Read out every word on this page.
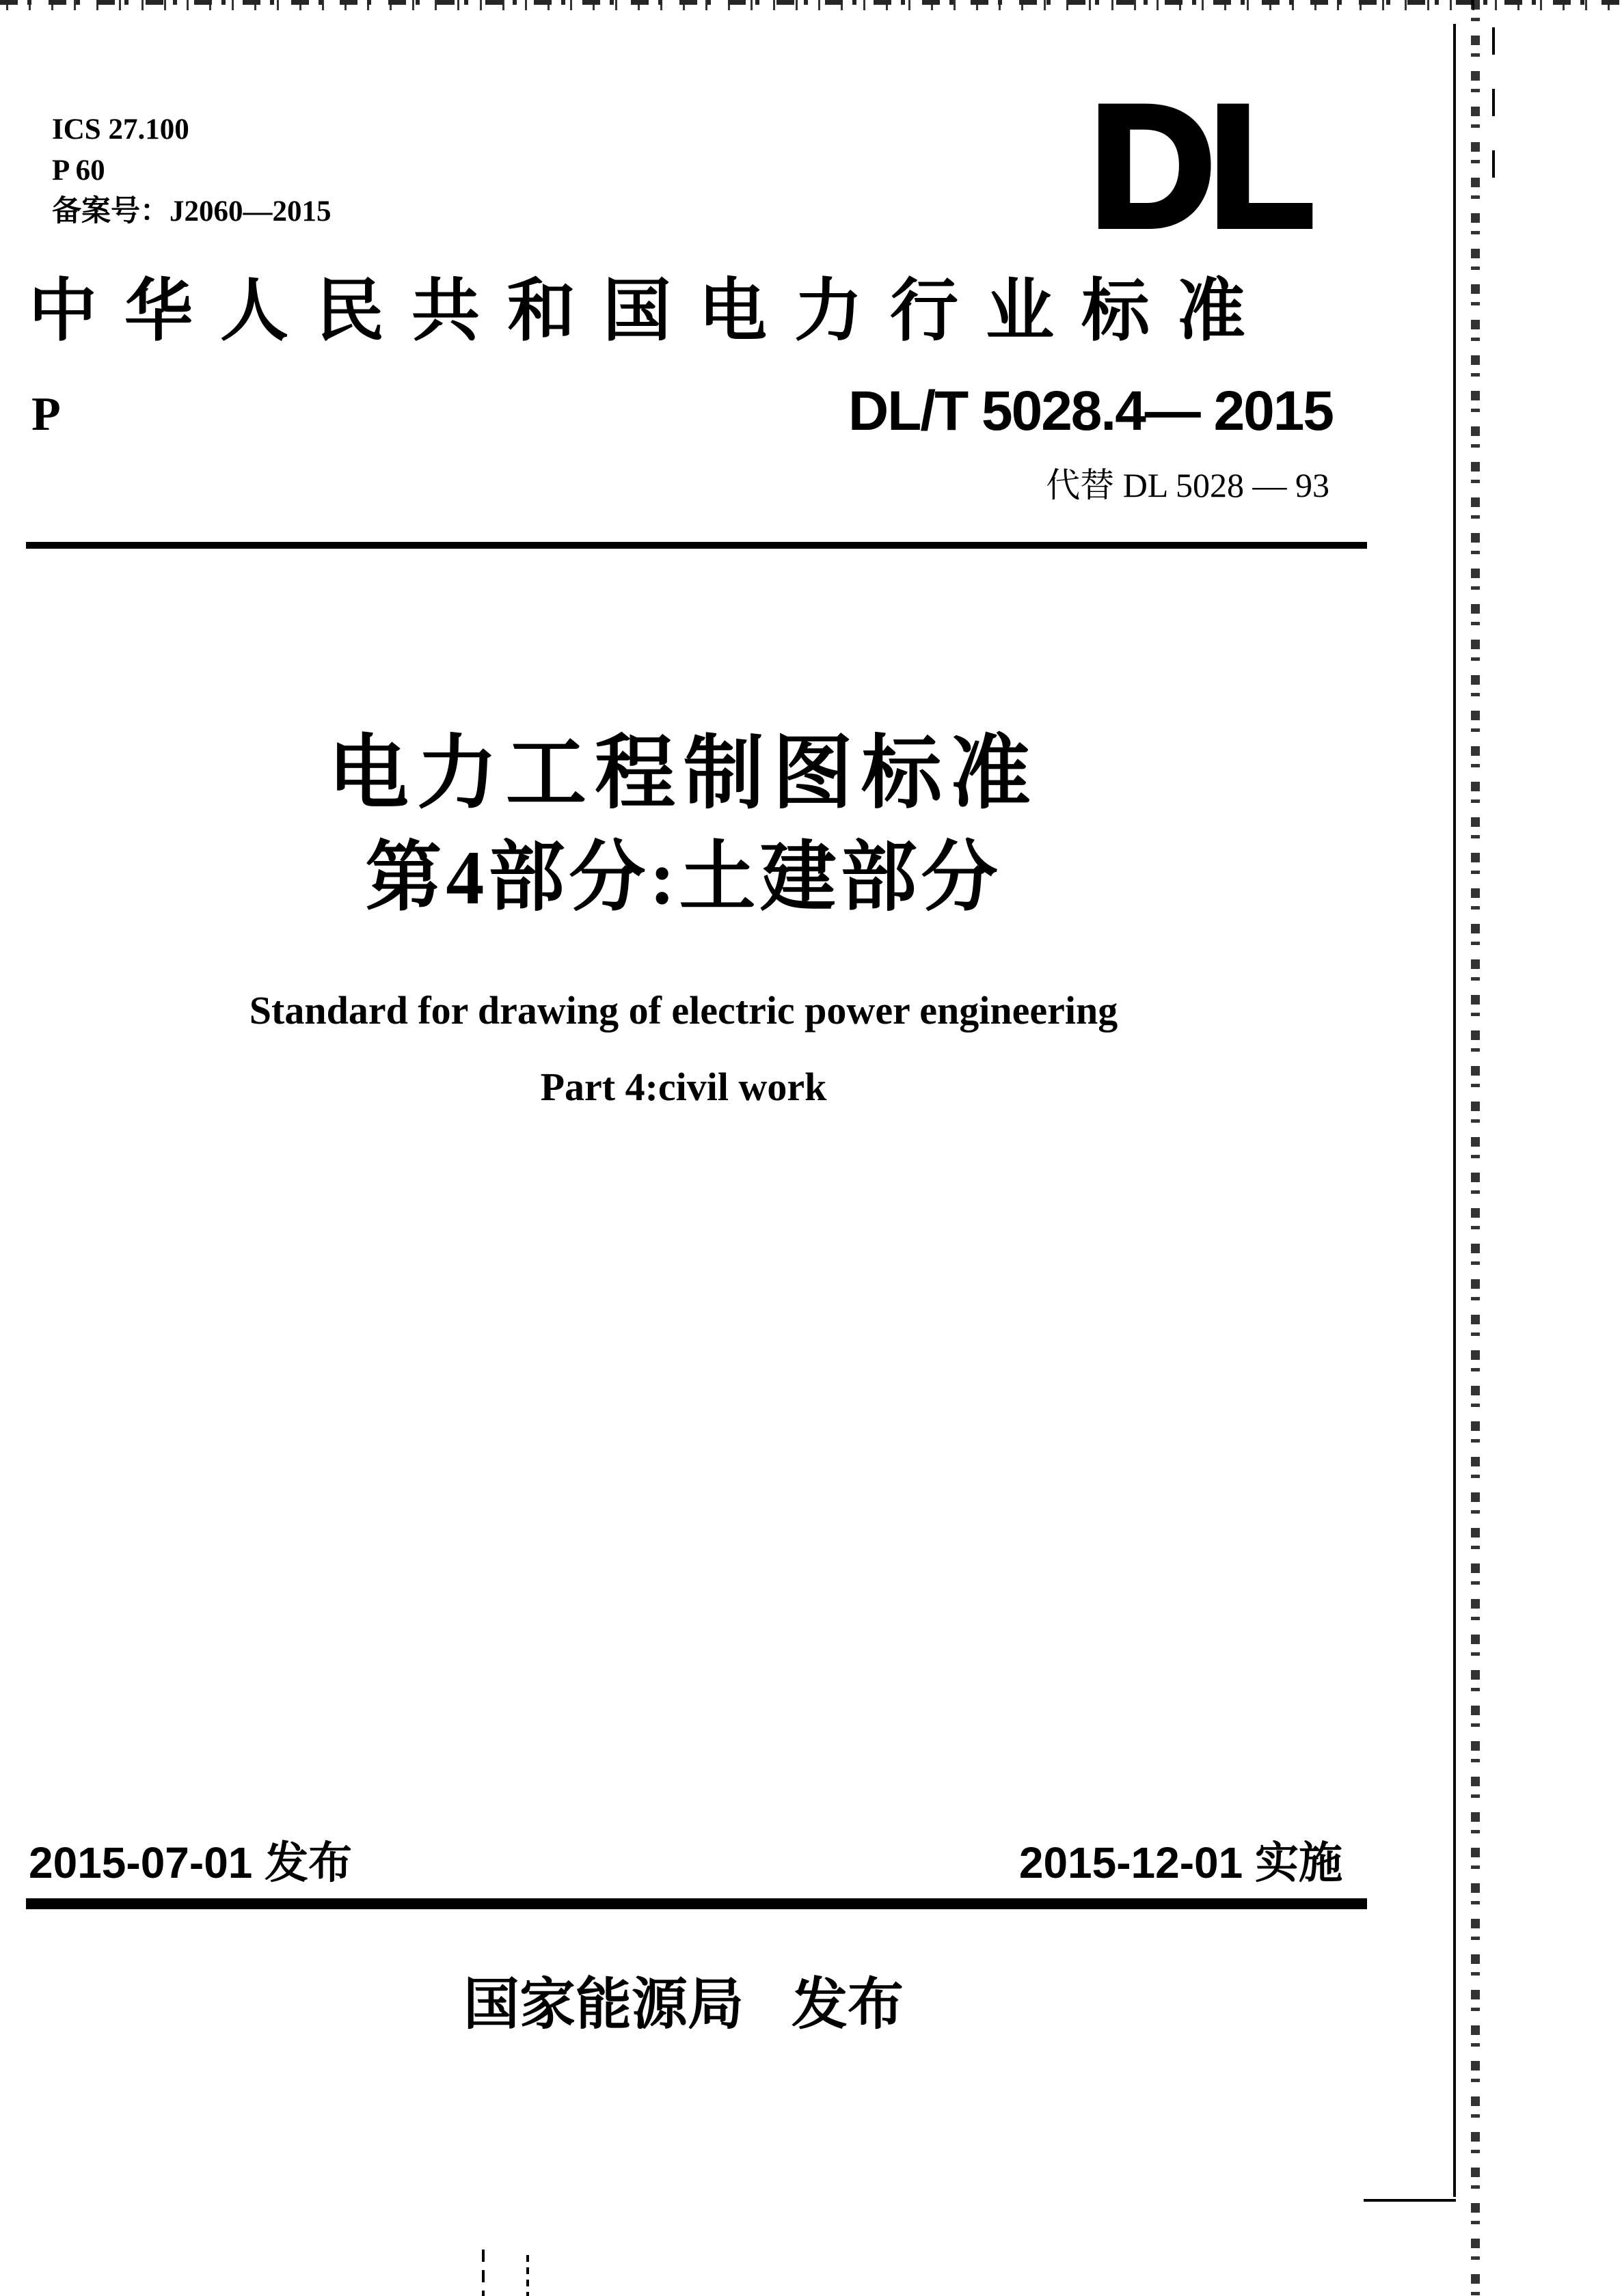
ICS 27.100
P 60
备案号：J2060—2015	DL
中华人民共和国电力行业标准
P	DL/T 5028.4— 2015
代替 DL 5028 — 93
电力工程制图标准
第4部分:土建部分
Standard for drawing of electric power engineering
Part 4:civil work
2015-07-01 发布	2015-12-01 实施
国家能源局 发布
